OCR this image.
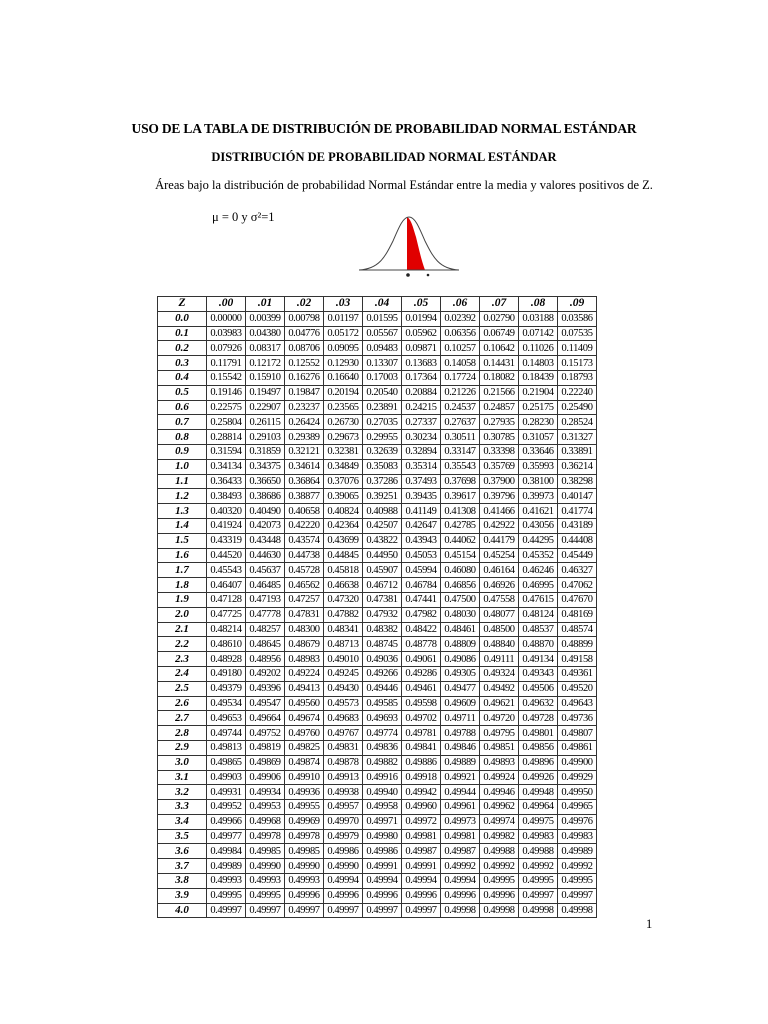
USO DE LA TABLA DE DISTRIBUCIÓN DE PROBABILIDAD NORMAL ESTÁNDAR
DISTRIBUCIÓN DE PROBABILIDAD NORMAL ESTÁNDAR
Áreas bajo la distribución de probabilidad Normal Estándar entre la media y valores positivos de Z.
μ = 0 y σ²=1
Z	.00	.01	.02	.03	.04	.05	.06	.07	.08	.09
0.0	0.00000	0.00399	0.00798	0.01197	0.01595	0.01994	0.02392	0.02790	0.03188	0.03586
0.1	0.03983	0.04380	0.04776	0.05172	0.05567	0.05962	0.06356	0.06749	0.07142	0.07535
0.2	0.07926	0.08317	0.08706	0.09095	0.09483	0.09871	0.10257	0.10642	0.11026	0.11409
0.3	0.11791	0.12172	0.12552	0.12930	0.13307	0.13683	0.14058	0.14431	0.14803	0.15173
0.4	0.15542	0.15910	0.16276	0.16640	0.17003	0.17364	0.17724	0.18082	0.18439	0.18793
0.5	0.19146	0.19497	0.19847	0.20194	0.20540	0.20884	0.21226	0.21566	0.21904	0.22240
0.6	0.22575	0.22907	0.23237	0.23565	0.23891	0.24215	0.24537	0.24857	0.25175	0.25490
0.7	0.25804	0.26115	0.26424	0.26730	0.27035	0.27337	0.27637	0.27935	0.28230	0.28524
0.8	0.28814	0.29103	0.29389	0.29673	0.29955	0.30234	0.30511	0.30785	0.31057	0.31327
0.9	0.31594	0.31859	0.32121	0.32381	0.32639	0.32894	0.33147	0.33398	0.33646	0.33891
1.0	0.34134	0.34375	0.34614	0.34849	0.35083	0.35314	0.35543	0.35769	0.35993	0.36214
1.1	0.36433	0.36650	0.36864	0.37076	0.37286	0.37493	0.37698	0.37900	0.38100	0.38298
1.2	0.38493	0.38686	0.38877	0.39065	0.39251	0.39435	0.39617	0.39796	0.39973	0.40147
1.3	0.40320	0.40490	0.40658	0.40824	0.40988	0.41149	0.41308	0.41466	0.41621	0.41774
1.4	0.41924	0.42073	0.42220	0.42364	0.42507	0.42647	0.42785	0.42922	0.43056	0.43189
1.5	0.43319	0.43448	0.43574	0.43699	0.43822	0.43943	0.44062	0.44179	0.44295	0.44408
1.6	0.44520	0.44630	0.44738	0.44845	0.44950	0.45053	0.45154	0.45254	0.45352	0.45449
1.7	0.45543	0.45637	0.45728	0.45818	0.45907	0.45994	0.46080	0.46164	0.46246	0.46327
1.8	0.46407	0.46485	0.46562	0.46638	0.46712	0.46784	0.46856	0.46926	0.46995	0.47062
1.9	0.47128	0.47193	0.47257	0.47320	0.47381	0.47441	0.47500	0.47558	0.47615	0.47670
2.0	0.47725	0.47778	0.47831	0.47882	0.47932	0.47982	0.48030	0.48077	0.48124	0.48169
2.1	0.48214	0.48257	0.48300	0.48341	0.48382	0.48422	0.48461	0.48500	0.48537	0.48574
2.2	0.48610	0.48645	0.48679	0.48713	0.48745	0.48778	0.48809	0.48840	0.48870	0.48899
2.3	0.48928	0.48956	0.48983	0.49010	0.49036	0.49061	0.49086	0.49111	0.49134	0.49158
2.4	0.49180	0.49202	0.49224	0.49245	0.49266	0.49286	0.49305	0.49324	0.49343	0.49361
2.5	0.49379	0.49396	0.49413	0.49430	0.49446	0.49461	0.49477	0.49492	0.49506	0.49520
2.6	0.49534	0.49547	0.49560	0.49573	0.49585	0.49598	0.49609	0.49621	0.49632	0.49643
2.7	0.49653	0.49664	0.49674	0.49683	0.49693	0.49702	0.49711	0.49720	0.49728	0.49736
2.8	0.49744	0.49752	0.49760	0.49767	0.49774	0.49781	0.49788	0.49795	0.49801	0.49807
2.9	0.49813	0.49819	0.49825	0.49831	0.49836	0.49841	0.49846	0.49851	0.49856	0.49861
3.0	0.49865	0.49869	0.49874	0.49878	0.49882	0.49886	0.49889	0.49893	0.49896	0.49900
3.1	0.49903	0.49906	0.49910	0.49913	0.49916	0.49918	0.49921	0.49924	0.49926	0.49929
3.2	0.49931	0.49934	0.49936	0.49938	0.49940	0.49942	0.49944	0.49946	0.49948	0.49950
3.3	0.49952	0.49953	0.49955	0.49957	0.49958	0.49960	0.49961	0.49962	0.49964	0.49965
3.4	0.49966	0.49968	0.49969	0.49970	0.49971	0.49972	0.49973	0.49974	0.49975	0.49976
3.5	0.49977	0.49978	0.49978	0.49979	0.49980	0.49981	0.49981	0.49982	0.49983	0.49983
3.6	0.49984	0.49985	0.49985	0.49986	0.49986	0.49987	0.49987	0.49988	0.49988	0.49989
3.7	0.49989	0.49990	0.49990	0.49990	0.49991	0.49991	0.49992	0.49992	0.49992	0.49992
3.8	0.49993	0.49993	0.49993	0.49994	0.49994	0.49994	0.49994	0.49995	0.49995	0.49995
3.9	0.49995	0.49995	0.49996	0.49996	0.49996	0.49996	0.49996	0.49996	0.49997	0.49997
4.0	0.49997	0.49997	0.49997	0.49997	0.49997	0.49997	0.49998	0.49998	0.49998	0.49998
1
